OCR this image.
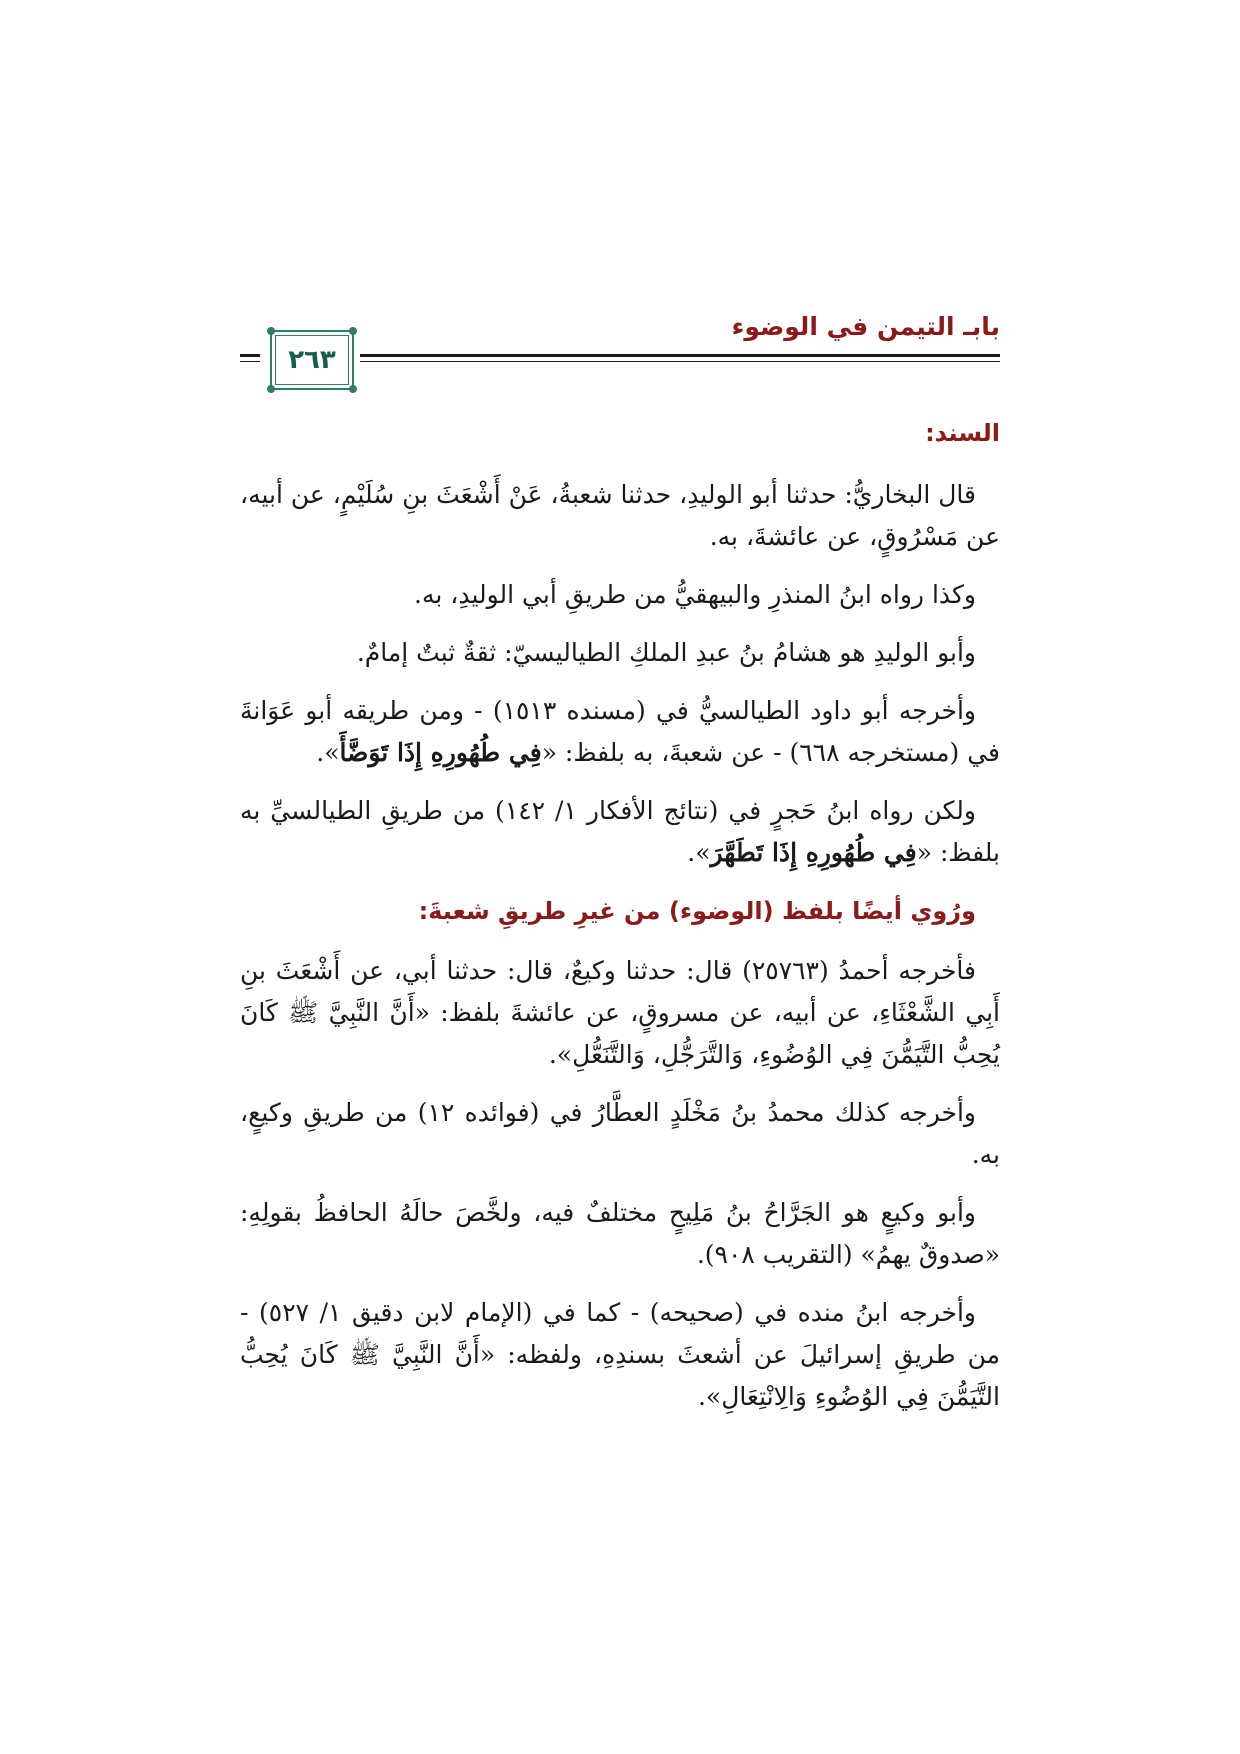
بابـ التيمن في الوضوء
٢٦٣
السند:

قال البخاريُّ: حدثنا أبو الوليدِ، حدثنا شعبةُ، عَنْ أَشْعَثَ بنِ سُلَيْمٍ، عن أبيه، عن مَسْرُوقٍ، عن عائشةَ، به.

وكذا رواه ابنُ المنذرِ والبيهقيُّ من طريقِ أبي الوليدِ، به.

وأبو الوليدِ هو هشامُ بنُ عبدِ الملكِ الطياليسيّ: ثقةٌ ثبتٌ إمامٌ.

وأخرجه أبو داود الطيالسيُّ في (مسنده ١٥١٣) - ومن طريقه أبو عَوَانةَ في (مستخرجه ٦٦٨) - عن شعبةَ، به بلفظ: «فِي طُهُورِهِ إِذَا تَوَضَّأَ».

ولكن رواه ابنُ حَجرٍ في (نتائج الأفكار ١/ ١٤٢) من طريقِ الطيالسيِّ به بلفظ: «فِي طُهُورِهِ إِذَا تَطَهَّرَ».

ورُوي أيضًا بلفظ (الوضوء) من غيرِ طريقِ شعبةَ:

فأخرجه أحمدُ (٢٥٧٦٣) قال: حدثنا وكيعٌ، قال: حدثنا أبي، عن أَشْعَثَ بنِ أَبِي الشَّعْثَاءِ، عن أبيه، عن مسروقٍ، عن عائشةَ بلفظ: «أَنَّ النَّبِيَّ ﷺ كَانَ يُحِبُّ التَّيَمُّنَ فِي الوُضُوءِ، وَالتَّرَجُّلِ، وَالتَّنَعُّلِ».

وأخرجه كذلك محمدُ بنُ مَخْلَدٍ العطَّارُ في (فوائده ١٢) من طريقِ وكيعٍ، به.

وأبو وكيعٍ هو الجَرَّاحُ بنُ مَلِيحٍ مختلفٌ فيه، ولخَّصَ حالَهُ الحافظُ بقولِهِ: «صدوقٌ يهمُ» (التقريب ٩٠٨).

وأخرجه ابنُ منده في (صحيحه) - كما في (الإمام لابن دقيق ١/ ٥٢٧) - من طريقِ إسرائيلَ عن أشعثَ بسندِهِ، ولفظه: «أَنَّ النَّبِيَّ ﷺ كَانَ يُحِبُّ التَّيَمُّنَ فِي الوُضُوءِ وَالِانْتِعَالِ».
